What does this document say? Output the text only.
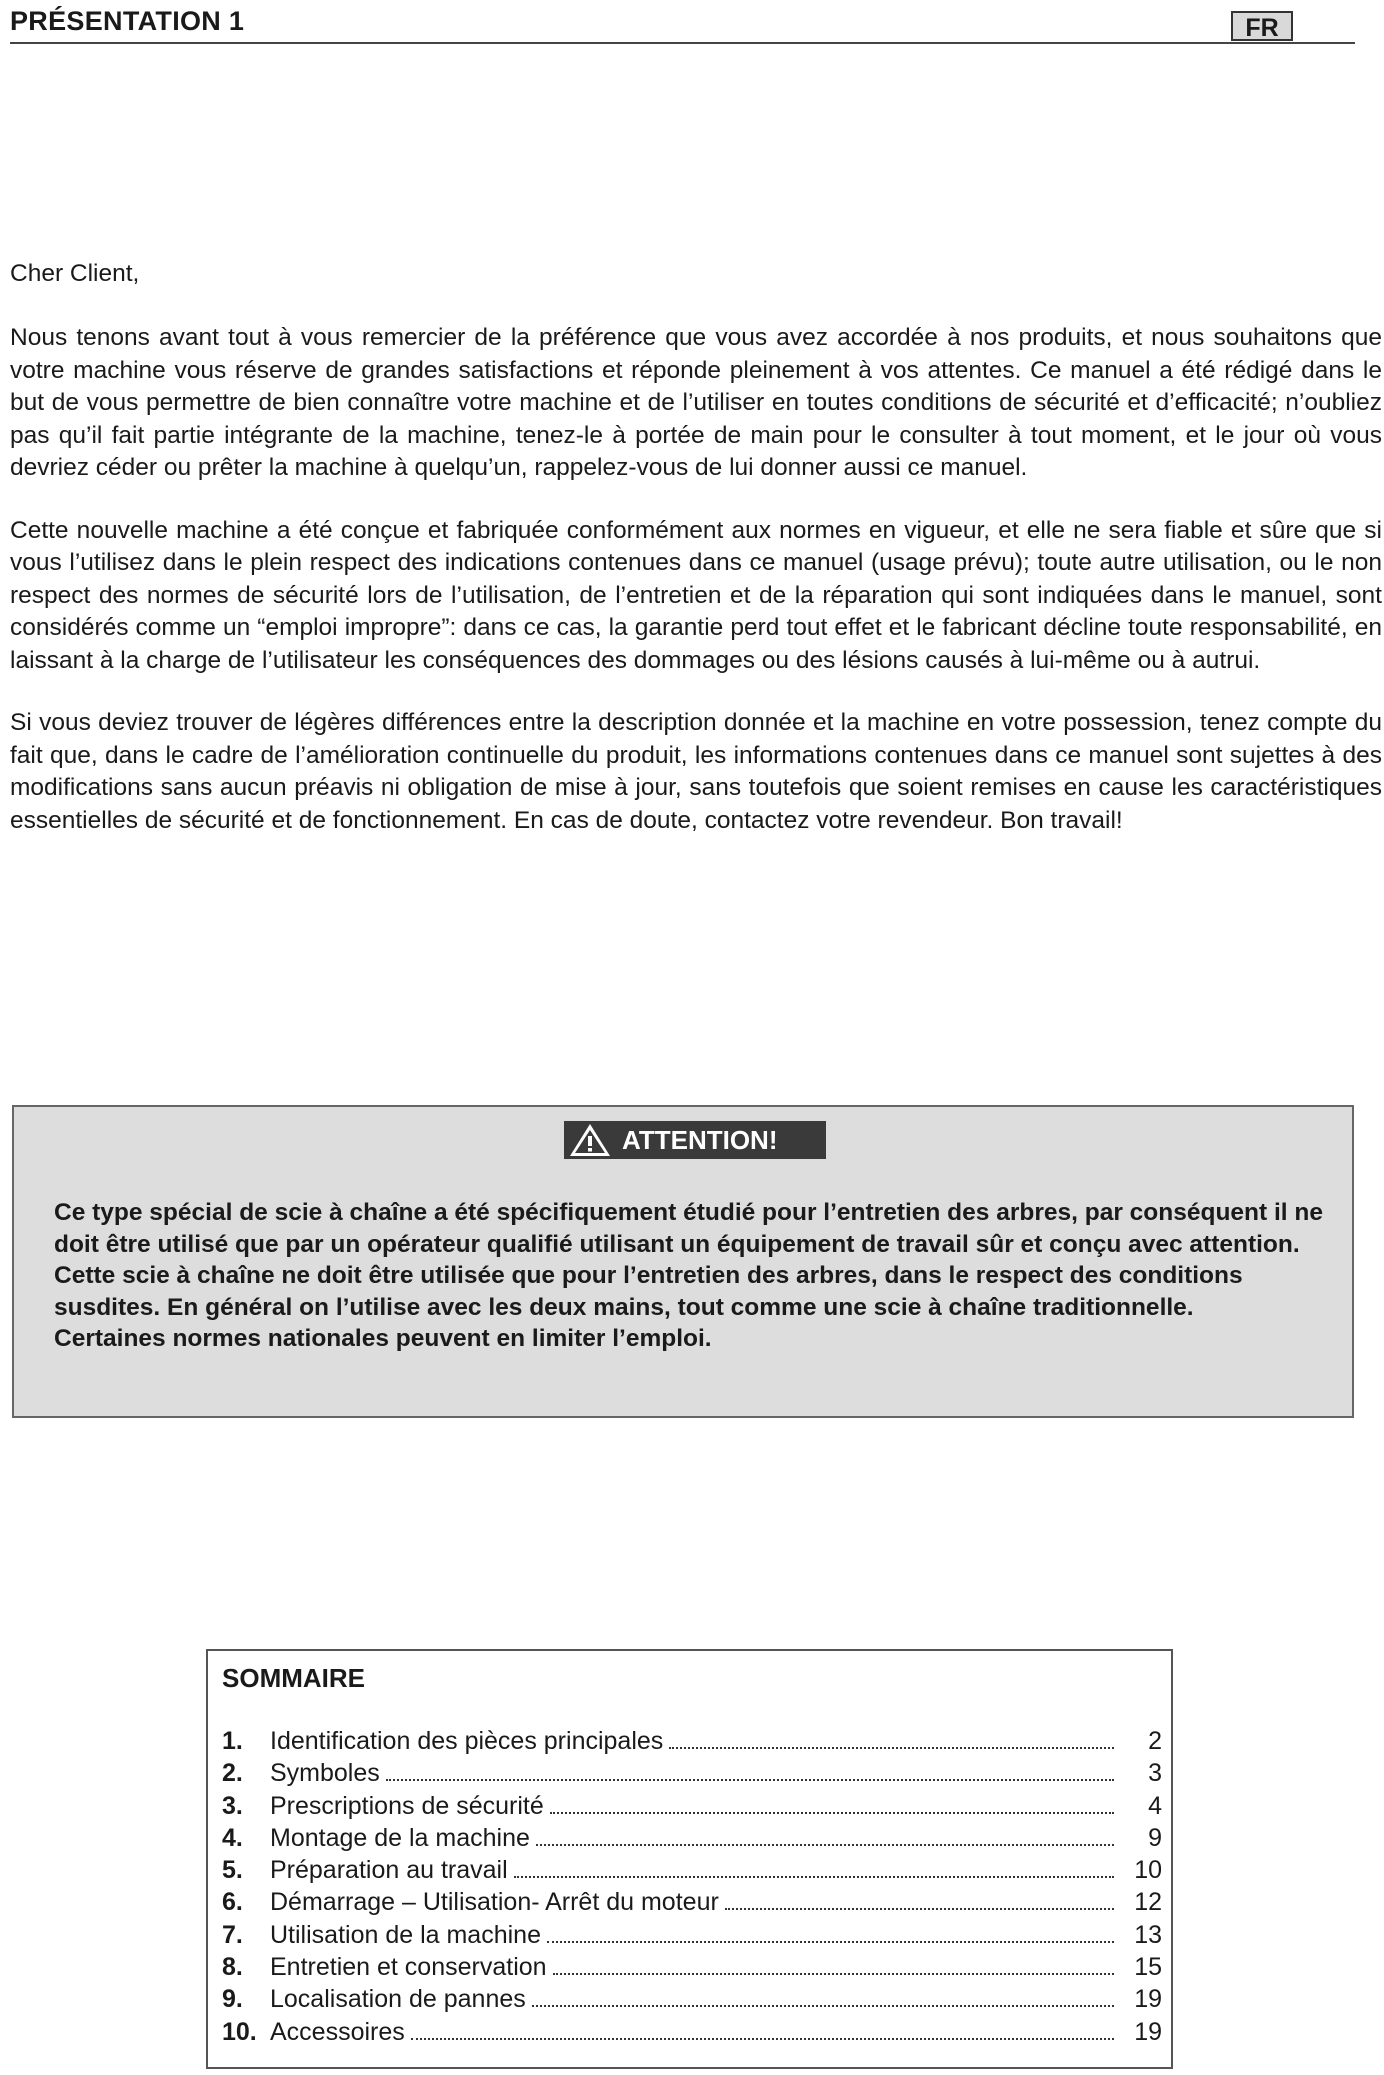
PRÉSENTATION 1	FR
Cher Client,

Nous tenons avant tout à vous remercier de la préférence que vous avez accordée à nos produits, et nous souhaitons que votre machine vous réserve de grandes satisfactions et réponde pleinement à vos attentes. Ce manuel a été rédigé dans le but de vous permettre de bien connaître votre machine et de l’utiliser en toutes conditions de sécurité et d’efficacité; n’oubliez pas qu’il fait partie intégrante de la machine, tenez-le à portée de main pour le consulter à tout moment, et le jour où vous devriez céder ou prêter la machine à quelqu’un, rappelez-vous de lui donner aussi ce manuel.

Cette nouvelle machine a été conçue et fabriquée conformément aux normes en vigueur, et elle ne sera fiable et sûre que si vous l’utilisez dans le plein respect des indications contenues dans ce manuel (usage prévu); toute autre utilisation, ou le non respect des normes de sécurité lors de l’utilisation, de l’entretien et de la réparation qui sont indiquées dans le manuel, sont considérés comme un “emploi impropre”: dans ce cas, la garantie perd tout effet et le fabricant décline toute responsabilité, en laissant à la charge de l’utilisateur les conséquences des dommages ou des lésions causés à lui-même ou à autrui.

Si vous deviez trouver de légères différences entre la description donnée et la machine en votre possession, tenez compte du fait que, dans le cadre de l’amélioration continuelle du produit, les informations contenues dans ce manuel sont sujettes à des modifications sans aucun préavis ni obligation de mise à jour, sans toutefois que soient remises en cause les caractéristiques essentielles de sécurité et de fonctionnement. En cas de doute, contactez votre revendeur. Bon travail!

ATTENTION!

Ce type spécial de scie à chaîne a été spécifiquement étudié pour l’entretien des arbres, par conséquent il ne doit être utilisé que par un opérateur qualifié utilisant un équipement de travail sûr et conçu avec attention. Cette scie à chaîne ne doit être utilisée que pour l’entretien des arbres, dans le respect des conditions susdites. En général on l’utilise avec les deux mains, tout comme une scie à chaîne traditionnelle.

Certaines normes nationales peuvent en limiter l’emploi.

SOMMAIRE
1.	Identification des pièces principales	2
2.	Symboles	3
3.	Prescriptions de sécurité	4
4.	Montage de la machine	9
5.	Préparation au travail	10
6.	Démarrage – Utilisation- Arrêt du moteur	12
7.	Utilisation de la machine	13
8.	Entretien et conservation	15
9.	Localisation de pannes	19
10. Accessoires	19
